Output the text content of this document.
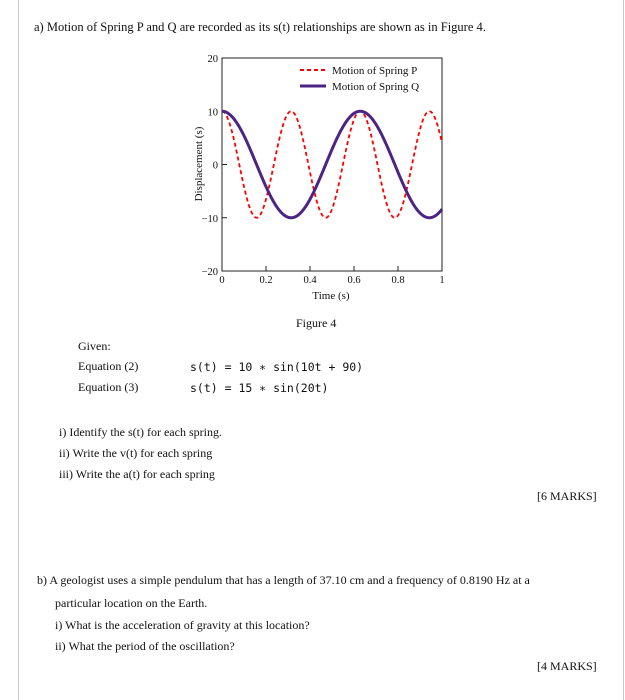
a) Motion of Spring P and Q are recorded as its s(t) relationships are shown as in Figure 4.
20
10
0
−10
−20
0	0.2	0.4	0.6	0.8	1
Displacement (s)
Time (s)
Motion of Spring P
Motion of Spring Q
Figure 4
Given:
Equation (2)	s(t) = 10 ∗ sin(10t + 90)
Equation (3)	s(t) = 15 ∗ sin(20t)
i) Identify the s(t) for each spring.
ii) Write the v(t) for each spring
iii) Write the a(t) for each spring
[6 MARKS]
b) A geologist uses a simple pendulum that has a length of 37.10 cm and a frequency of 0.8190 Hz at a
particular location on the Earth.
i) What is the acceleration of gravity at this location?
ii) What the period of the oscillation?
[4 MARKS]
